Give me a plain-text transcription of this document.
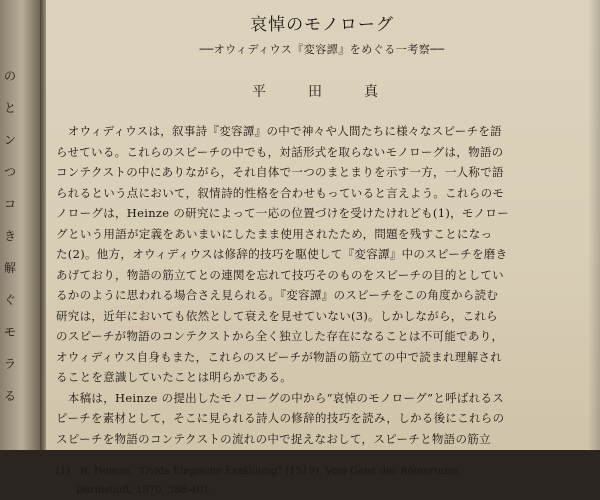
の
と
ン
つ
コ
き
解
ぐ
モ
ラ
る
哀悼のモノローグ
──オウィディウス『変容譚』をめぐる一考察──
平　田　真
　オウィディウスは，叙事詩『変容譚』の中で神々や人間たちに様々なスピーチを語
らせている。これらのスピーチの中でも，対話形式を取らないモノローグは，物語の
コンテクストの中にありながら，それ自体で一つのまとまりを示す一方，一人称で語
られるという点において，叙情詩的性格を合わせもっていると言えよう。これらのモ
ノローグは，Heinze の研究によって一応の位置づけを受けたけれども(1)，モノロー
グという用語が定義をあいまいにしたまま使用されたため，問題を残すことになっ
た(2)。他方，オウィディウスは修辞的技巧を駆使して『変容譚』中のスピーチを磨き
あげており，物語の筋立てとの連関を忘れて技巧そのものをスピーチの目的としてい
るかのように思われる場合さえ見られる。『変容譚』のスピーチをこの角度から読む
研究は，近年においても依然として衰えを見せていない(3)。しかしながら，これら
のスピーチが物語のコンテクストから全く独立した存在になることは不可能であり，
オウィディウス自身もまた，これらのスピーチが物語の筋立ての中で読まれ理解され
ることを意識していたことは明らかである。
　本稿は，Heinze の提出したモノローグの中から“哀悼のモノローグ”と呼ばれるス
ピーチを素材として，そこに見られる詩人の修辞的技巧を読み，しかる後にこれらの
スピーチを物語のコンテクストの流れの中で捉えなおして，スピーチと物語の筋立
(1)　R. Heinze, “Ovids Elegische Erzählung” (1919), Vom Geist des Römertums,
　　Darmstadt, 1970, 388-401.
